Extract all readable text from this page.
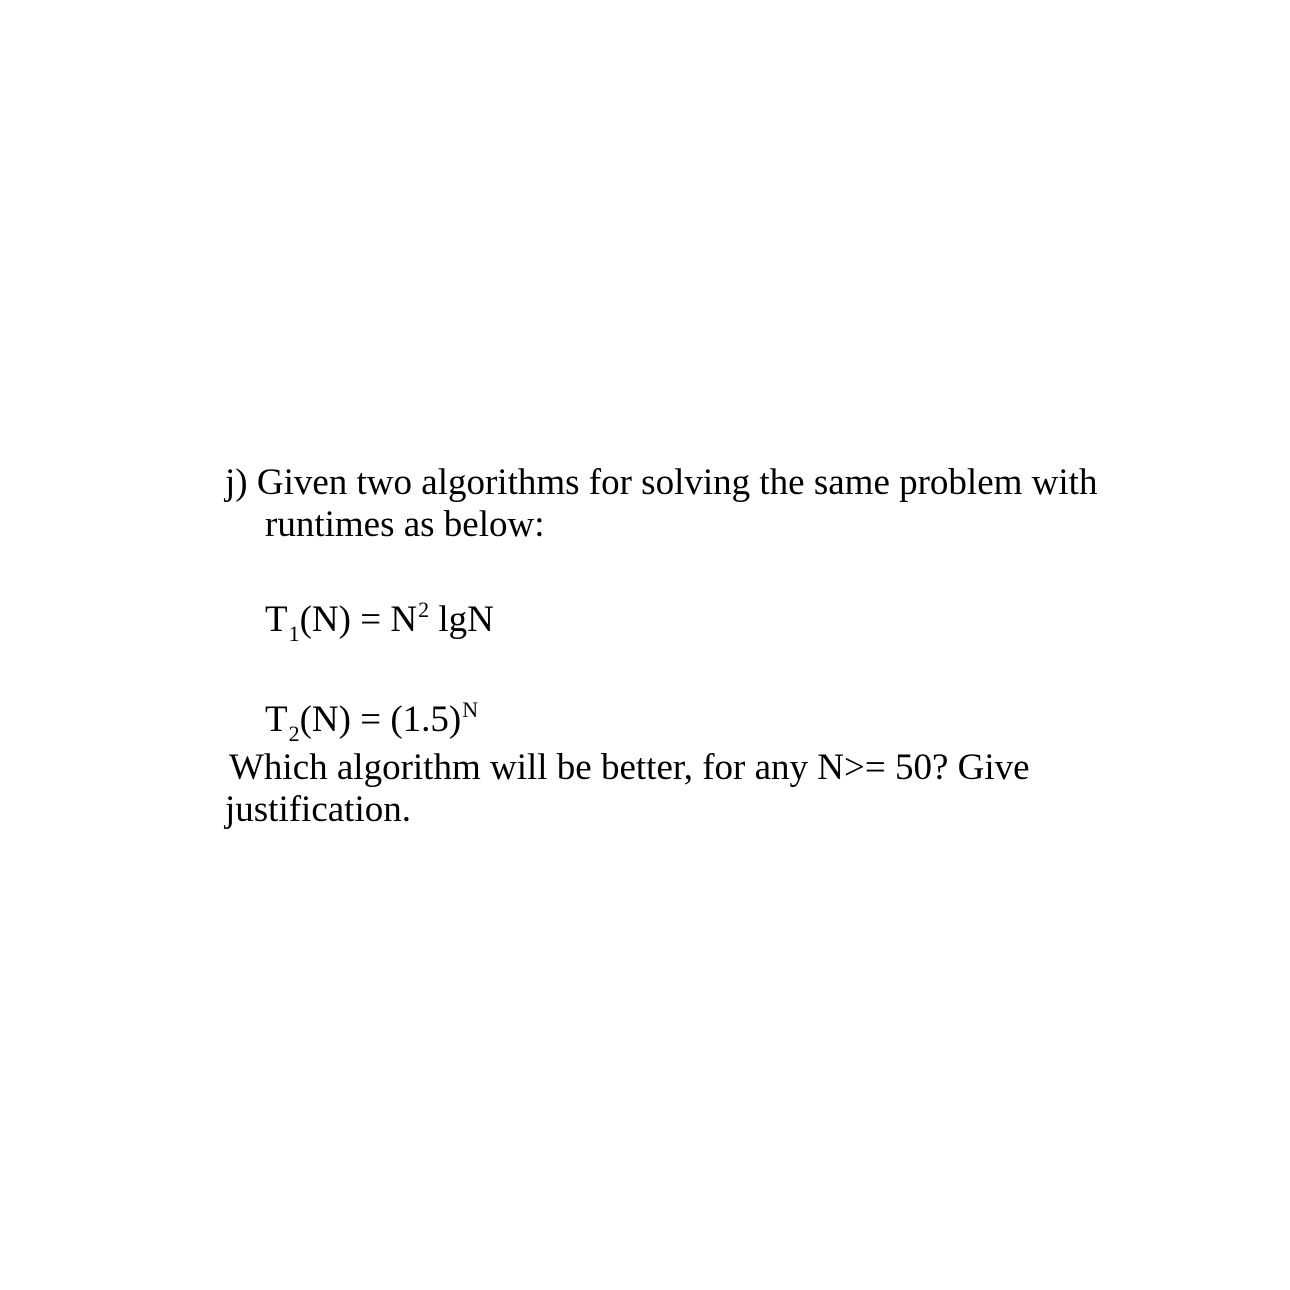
j) Given two algorithms for solving the same problem with
runtimes as below:
$T_1(N) = N^2$ lgN
$T_2(N) = (1.5)^N$
Which algorithm will be better, for any N>= 50? Give
justification.
